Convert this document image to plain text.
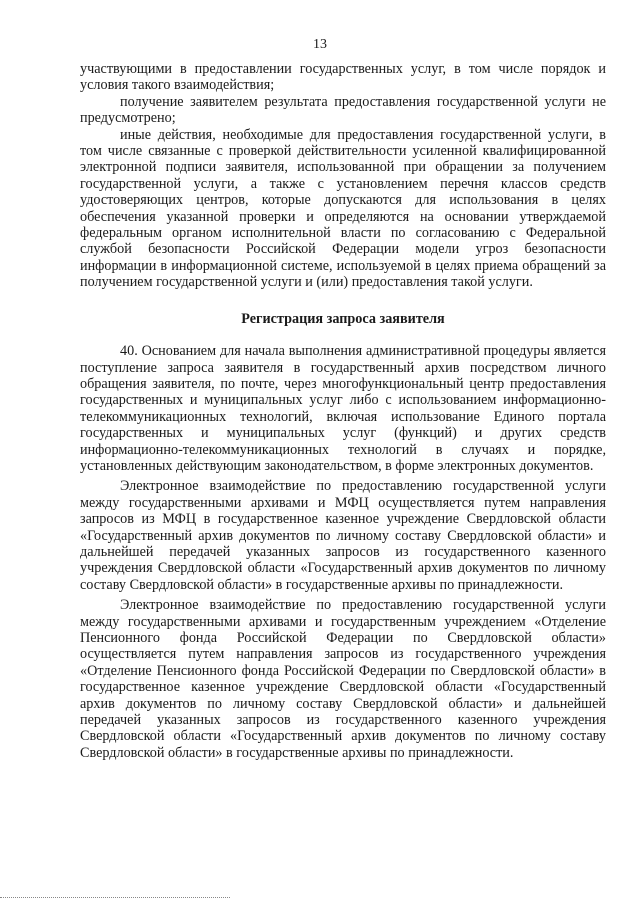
13

участвующими в предоставлении государственных услуг, в том числе порядок и условия такого взаимодействия;

получение заявителем результата предоставления государственной услуги не предусмотрено;

иные действия, необходимые для предоставления государственной услуги, в том числе связанные с проверкой действительности усиленной квалифицированной электронной подписи заявителя, использованной при обращении за получением государственной услуги, а также с установлением перечня классов средств удостоверяющих центров, которые допускаются для использования в целях обеспечения указанной проверки и определяются на основании утверждаемой федеральным органом исполнительной власти по согласованию с Федеральной службой безопасности Российской Федерации модели угроз безопасности информации в информационной системе, используемой в целях приема обращений за получением государственной услуги и (или) предоставления такой услуги.

Регистрация запроса заявителя

40. Основанием для начала выполнения административной процедуры является поступление запроса заявителя в государственный архив посредством личного обращения заявителя, по почте, через многофункциональный центр предоставления государственных и муниципальных услуг либо с использованием информационно-телекоммуникационных технологий, включая использование Единого портала государственных и муниципальных услуг (функций) и других средств информационно-телекоммуникационных технологий в случаях и порядке, установленных действующим законодательством, в форме электронных документов.

Электронное взаимодействие по предоставлению государственной услуги между государственными архивами и МФЦ осуществляется путем направления запросов из МФЦ в государственное казенное учреждение Свердловской области «Государственный архив документов по личному составу Свердловской области» и дальнейшей передачей указанных запросов из государственного казенного учреждения Свердловской области «Государственный архив документов по личному составу Свердловской области» в государственные архивы по принадлежности.

Электронное взаимодействие по предоставлению государственной услуги между государственными архивами и государственным учреждением «Отделение Пенсионного фонда Российской Федерации по Свердловской области» осуществляется путем направления запросов из государственного учреждения «Отделение Пенсионного фонда Российской Федерации по Свердловской области» в государственное казенное учреждение Свердловской области «Государственный архив документов по личному составу Свердловской области» и дальнейшей передачей указанных запросов из государственного казенного учреждения Свердловской области «Государственный архив документов по личному составу Свердловской области» в государственные архивы по принадлежности.
